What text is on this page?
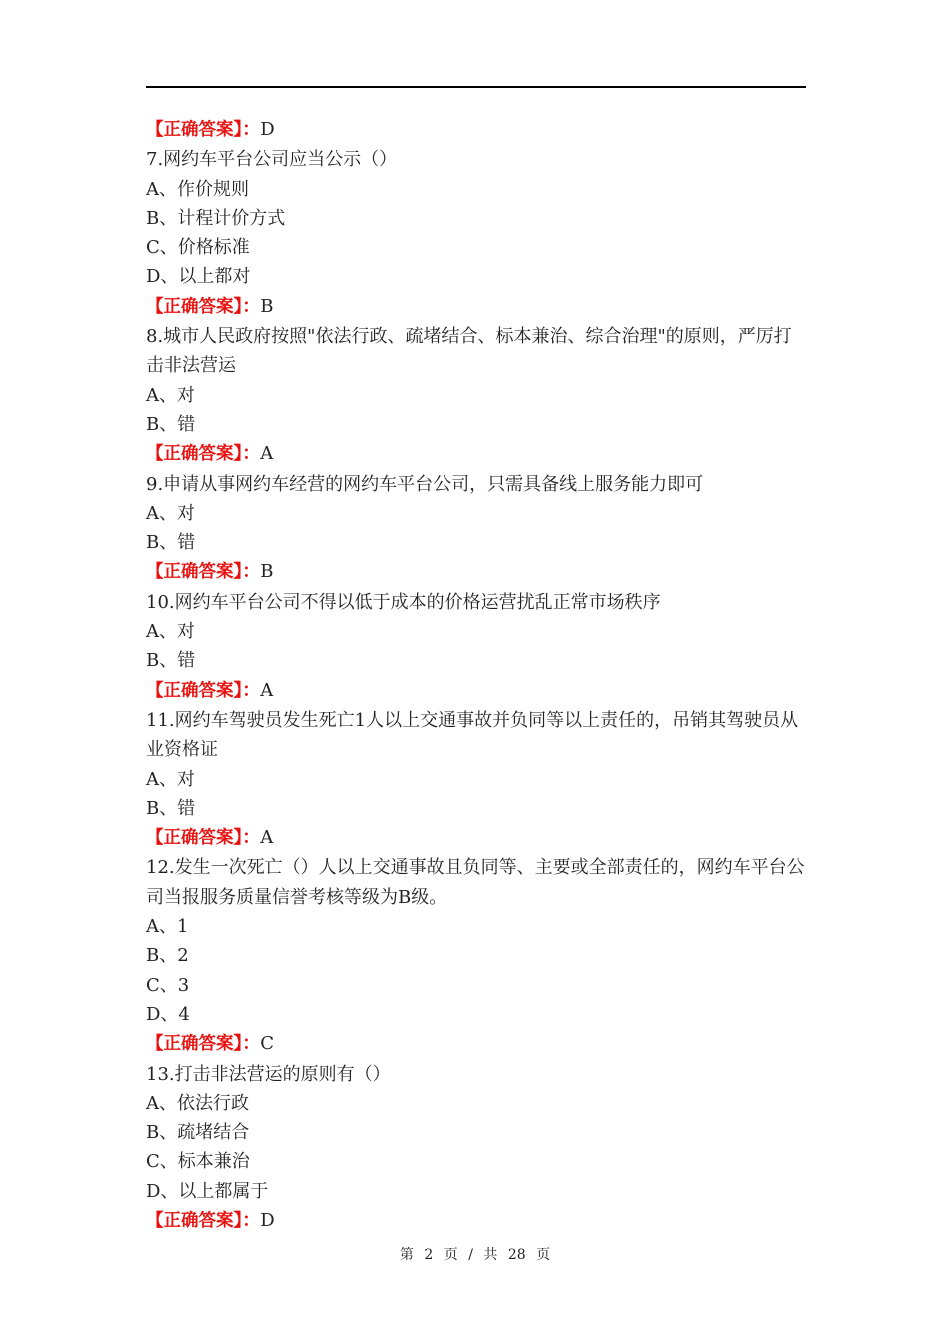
【正确答案】：D
7.网约车平台公司应当公示（）
A、作价规则
B、计程计价方式
C、价格标准
D、以上都对
【正确答案】：B
8.城市人民政府按照"依法行政、疏堵结合、标本兼治、综合治理"的原则，严厉打击非法营运
A、对
B、错
【正确答案】：A
9.申请从事网约车经营的网约车平台公司，只需具备线上服务能力即可
A、对
B、错
【正确答案】：B
10.网约车平台公司不得以低于成本的价格运营扰乱正常市场秩序
A、对
B、错
【正确答案】：A
11.网约车驾驶员发生死亡1人以上交通事故并负同等以上责任的，吊销其驾驶员从业资格证
A、对
B、错
【正确答案】：A
12.发生一次死亡（）人以上交通事故且负同等、主要或全部责任的，网约车平台公司当报服务质量信誉考核等级为B级。
A、1
B、2
C、3
D、4
【正确答案】：C
13.打击非法营运的原则有（）
A、依法行政
B、疏堵结合
C、标本兼治
D、以上都属于
【正确答案】：D
第 2 页 / 共 28 页
